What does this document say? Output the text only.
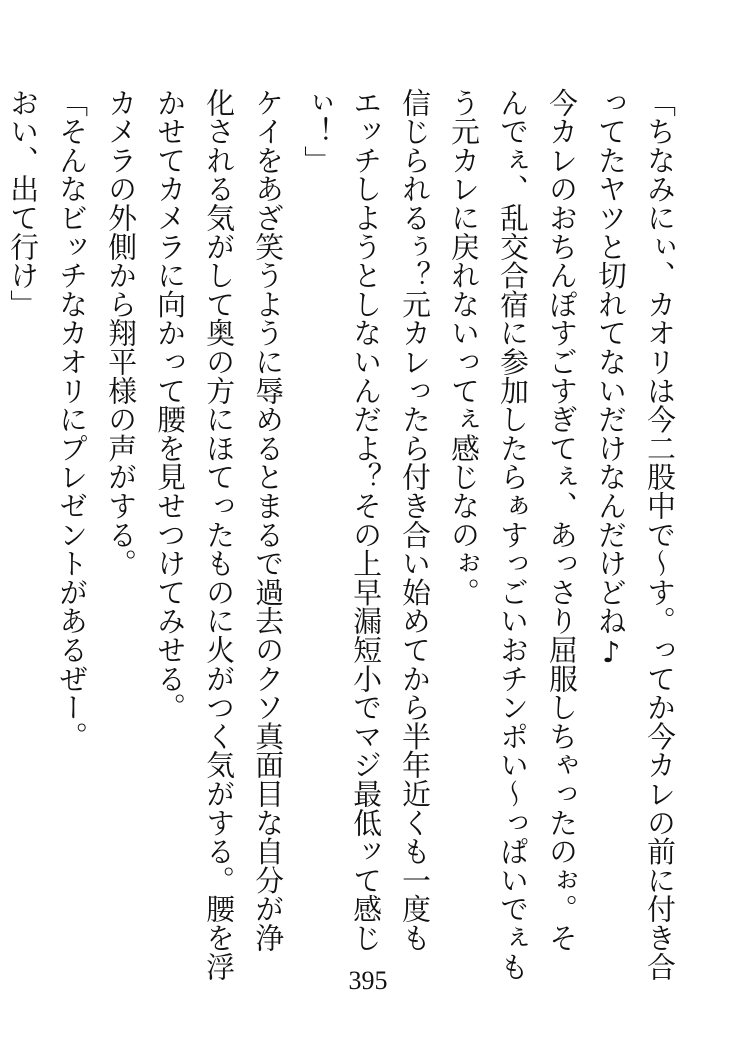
「ちなみにぃ、カオリは今二股中で〜す。ってか今カレの前に付き合
ってたヤツと切れてないだけなんだけどね♪
今カレのおちんぽすごすぎてぇ、あっさり屈服しちゃったのぉ。そ
んでぇ、乱交合宿に参加したらぁすっごいおチンポい〜っぱいでぇも
う元カレに戻れないってぇ感じなのぉ。
信じられるぅ？元カレったら付き合い始めてから半年近くも一度も
エッチしようとしないんだよ？その上早漏短小でマジ最低ッて感じ
ぃ！」
ケイをあざ笑うように辱めるとまるで過去のクソ真面目な自分が浄
化される気がして奥の方にほてったものに火がつく気がする。腰を浮
かせてカメラに向かって腰を見せつけてみせる。
カメラの外側から翔平様の声がする。
「そんなビッチなカオリにプレゼントがあるぜー。
おい、出て行け」
395
